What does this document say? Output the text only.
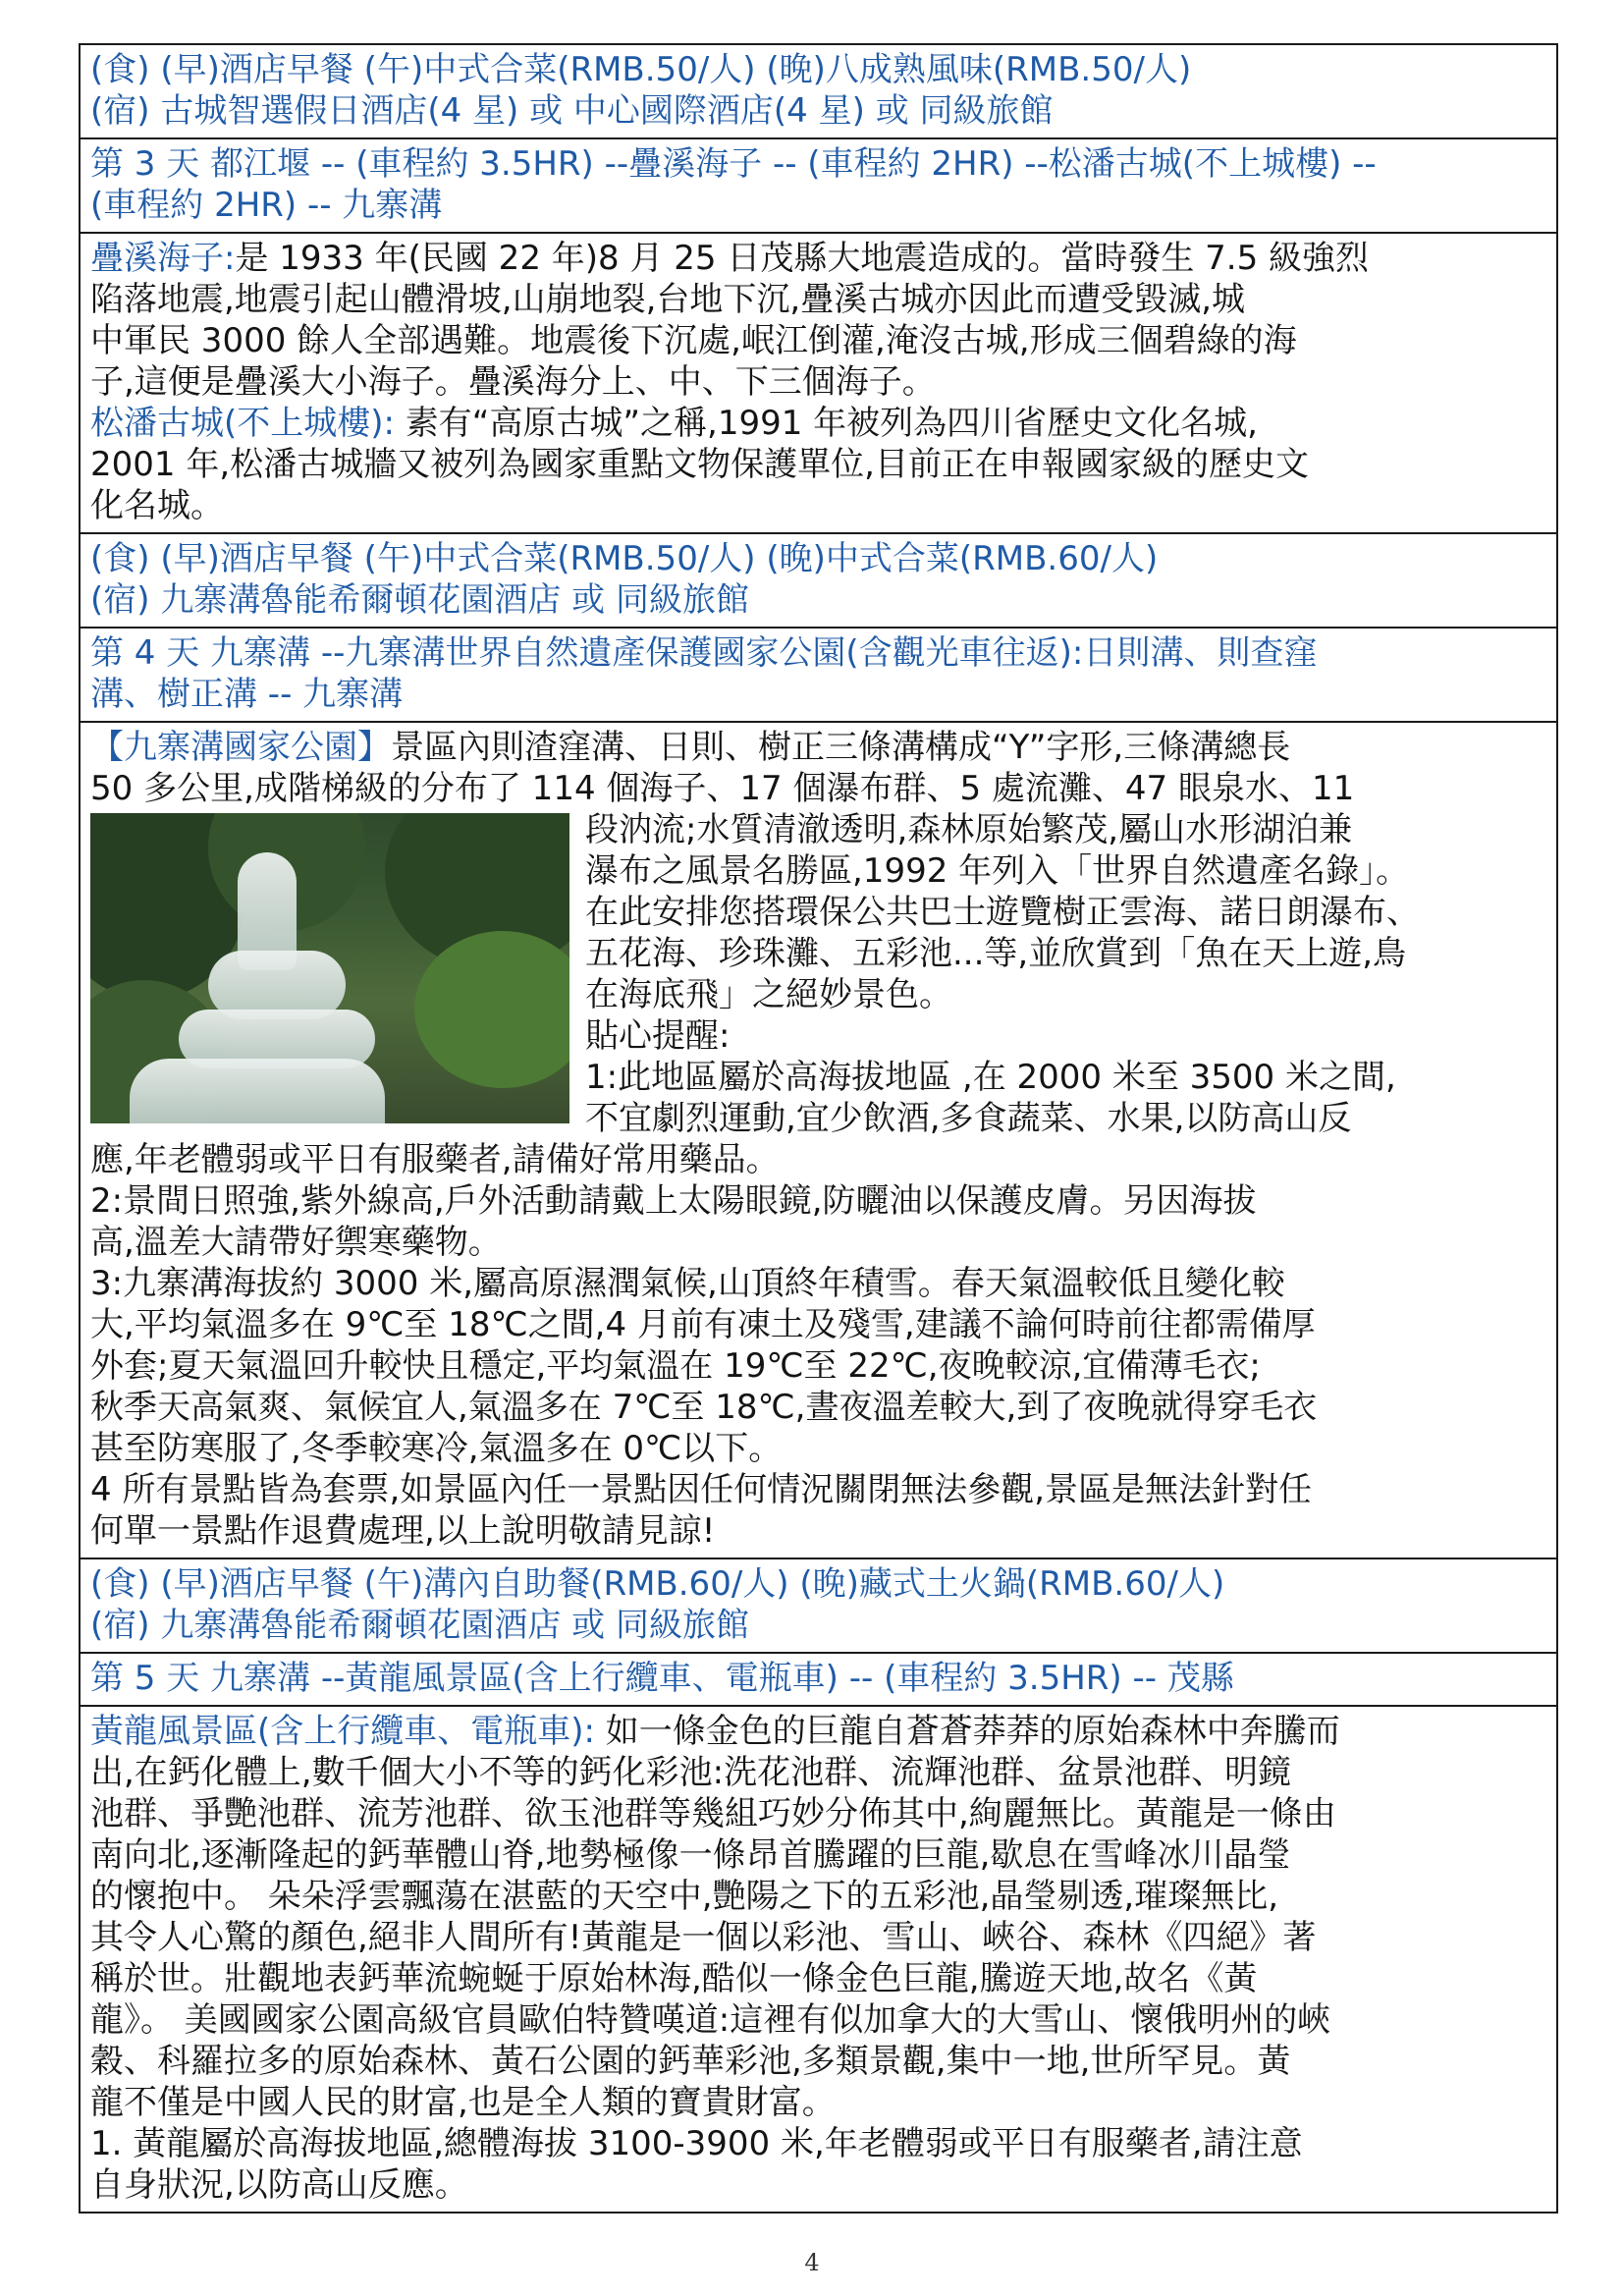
(食) (早)酒店早餐 (午)中式合菜(RMB.50/人) (晚)八成熟風味(RMB.50/人)
(宿) 古城智選假日酒店(4 星) 或 中心國際酒店(4 星) 或 同級旅館
第 3 天 都江堰 -- (車程約 3.5HR) --疊溪海子 -- (車程約 2HR) --松潘古城(不上城樓) --
(車程約 2HR) -- 九寨溝
疊溪海子:是 1933 年(民國 22 年)8 月 25 日茂縣大地震造成的。當時發生 7.5 級強烈
陷落地震,地震引起山體滑坡,山崩地裂,台地下沉,疊溪古城亦因此而遭受毀滅,城
中軍民 3000 餘人全部遇難。地震後下沉處,岷江倒灌,淹沒古城,形成三個碧綠的海
子,這便是疊溪大小海子。疊溪海分上、中、下三個海子。
松潘古城(不上城樓): 素有“高原古城”之稱,1991 年被列為四川省歷史文化名城,
2001 年,松潘古城牆又被列為國家重點文物保護單位,目前正在申報國家級的歷史文
化名城。
(食) (早)酒店早餐 (午)中式合菜(RMB.50/人) (晚)中式合菜(RMB.60/人)
(宿) 九寨溝魯能希爾頓花園酒店 或 同級旅館
第 4 天 九寨溝 --九寨溝世界自然遺產保護國家公園(含觀光車往返):日則溝、則查窪
溝、樹正溝 -- 九寨溝
【九寨溝國家公園】景區內則渣窪溝、日則、樹正三條溝構成“Y”字形,三條溝總長
50 多公里,成階梯級的分布了 114 個海子、17 個瀑布群、5 處流灘、47 眼泉水、11
段汭流;水質清澈透明,森林原始繁茂,屬山水形湖泊兼
瀑布之風景名勝區,1992 年列入「世界自然遺產名錄」。
在此安排您搭環保公共巴士遊覽樹正雲海、諾日朗瀑布、
五花海、珍珠灘、五彩池...等,並欣賞到「魚在天上遊,鳥
在海底飛」之絕妙景色。
貼心提醒:
1:此地區屬於高海拔地區 ,在 2000 米至 3500 米之間,
不宜劇烈運動,宜少飲酒,多食蔬菜、水果,以防高山反
應,年老體弱或平日有服藥者,請備好常用藥品。
2:景間日照強,紫外線高,戶外活動請戴上太陽眼鏡,防曬油以保護皮膚。另因海拔
高,溫差大請帶好禦寒藥物。
3:九寨溝海拔約 3000 米,屬高原濕潤氣候,山頂終年積雪。春天氣溫較低且變化較
大,平均氣溫多在 9℃至 18℃之間,4 月前有凍土及殘雪,建議不論何時前往都需備厚
外套;夏天氣溫回升較快且穩定,平均氣溫在 19℃至 22℃,夜晚較涼,宜備薄毛衣;
秋季天高氣爽、氣候宜人,氣溫多在 7℃至 18℃,晝夜溫差較大,到了夜晚就得穿毛衣
甚至防寒服了,冬季較寒冷,氣溫多在 0℃以下。
4 所有景點皆為套票,如景區內任一景點因任何情況關閉無法參觀,景區是無法針對任
何單一景點作退費處理,以上說明敬請見諒!
(食) (早)酒店早餐 (午)溝內自助餐(RMB.60/人) (晚)藏式土火鍋(RMB.60/人)
(宿) 九寨溝魯能希爾頓花園酒店 或 同級旅館
第 5 天 九寨溝 --黃龍風景區(含上行纜車、電瓶車) -- (車程約 3.5HR) -- 茂縣
黃龍風景區(含上行纜車、電瓶車): 如一條金色的巨龍自蒼蒼莽莽的原始森林中奔騰而
出,在鈣化體上,數千個大小不等的鈣化彩池:洗花池群、流輝池群、盆景池群、明鏡
池群、爭艷池群、流芳池群、欲玉池群等幾組巧妙分佈其中,絢麗無比。黃龍是一條由
南向北,逐漸隆起的鈣華體山脊,地勢極像一條昂首騰躍的巨龍,歇息在雪峰冰川晶瑩
的懷抱中。 朵朵浮雲飄蕩在湛藍的天空中,艷陽之下的五彩池,晶瑩剔透,璀璨無比,
其令人心驚的顏色,絕非人間所有!黃龍是一個以彩池、雪山、峽谷、森林《四絕》著
稱於世。壯觀地表鈣華流蜿蜒于原始林海,酷似一條金色巨龍,騰遊天地,故名《黃
龍》。 美國國家公園高級官員歐伯特贊嘆道:這裡有似加拿大的大雪山、懷俄明州的峽
穀、科羅拉多的原始森林、黃石公園的鈣華彩池,多類景觀,集中一地,世所罕見。黃
龍不僅是中國人民的財富,也是全人類的寶貴財富。
1. 黃龍屬於高海拔地區,總體海拔 3100-3900 米,年老體弱或平日有服藥者,請注意
自身狀況,以防高山反應。
4
